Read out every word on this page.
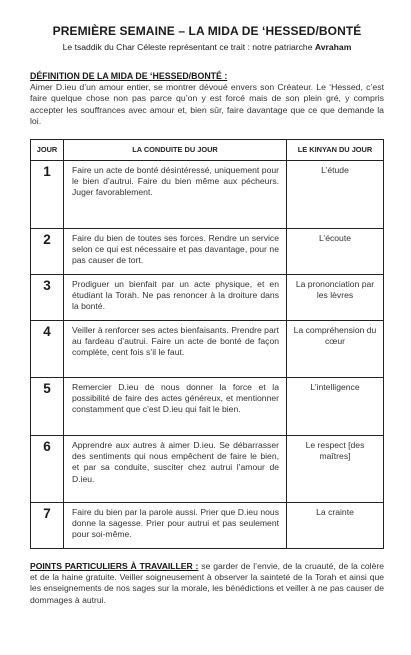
PREMIÈRE SEMAINE – LA MIDA DE ‘HESSED/BONTÉ
Le tsaddik du Char Céleste représentant ce trait : notre patriarche Avraham
DÉFINITION DE LA MIDA DE ‘HESSED/BONTÉ :
Aimer D.ieu d’un amour entier, se montrer dévoué envers son Créateur. Le ‘Hessed, c’est faire quelque chose non pas parce qu’on y est forcé mais de son plein gré, y compris accepter les souffrances avec amour et, bien sûr, faire davantage que ce que demande la loi.
JOUR	LA CONDUITE DU JOUR	LE KINYAN DU JOUR

1	Faire un acte de bonté désintéressé, uniquement pour le bien d’autrui. Faire du bien même aux pécheurs. Juger favorablement.	L’étude

2	Faire du bien de toutes ses forces. Rendre un service selon ce qui est nécessaire et pas davantage, pour ne pas causer de tort.	L’écoute

3	Prodiguer un bienfait par un acte physique, et en étudiant la Torah. Ne pas renoncer à la droiture dans la bonté.	La prononciation par les lèvres

4	Veiller à renforcer ses actes bienfaisants. Prendre part au fardeau d’autrui. Faire un acte de bonté de façon complète, cent fois s’il le faut.	La compréhension du cœur

5	Remercier D.ieu de nous donner la force et la possibilité de faire des actes généreux, et mentionner constamment que c’est D.ieu qui fait le bien.	L’intelligence

6	Apprendre aux autres à aimer D.ieu. Se débarrasser des sentiments qui nous empêchent de faire le bien, et par sa conduite, susciter chez autrui l’amour de D.ieu.	Le respect [des maîtres]

7	Faire du bien par la parole aussi. Prier que D.ieu nous donne la sagesse. Prier pour autrui et pas seulement pour soi-même.	La crainte
POINTS PARTICULIERS À TRAVAILLER : se garder de l’envie, de la cruauté, de la colère et de la haine gratuite. Veiller soigneusement à observer la sainteté de la Torah et ainsi que les enseignements de nos sages sur la morale, les bénédictions et veiller à ne pas causer de dommages à autrui.
